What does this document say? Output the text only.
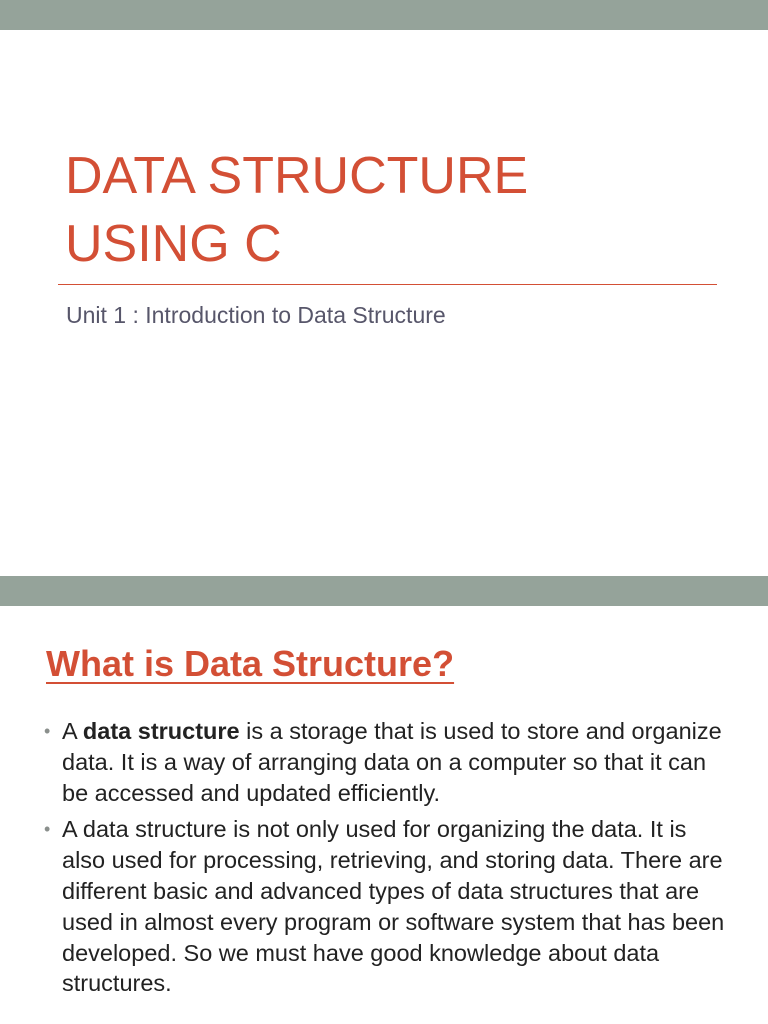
DATA STRUCTURE
USING C

Unit 1 : Introduction to Data Structure

What is Data Structure?
• A data structure is a storage that is used to store and organize data. It is a way of arranging data on a computer so that it can be accessed and updated efficiently.
• A data structure is not only used for organizing the data. It is also used for processing, retrieving, and storing data. There are different basic and advanced types of data structures that are used in almost every program or software system that has been developed. So we must have good knowledge about data structures.
